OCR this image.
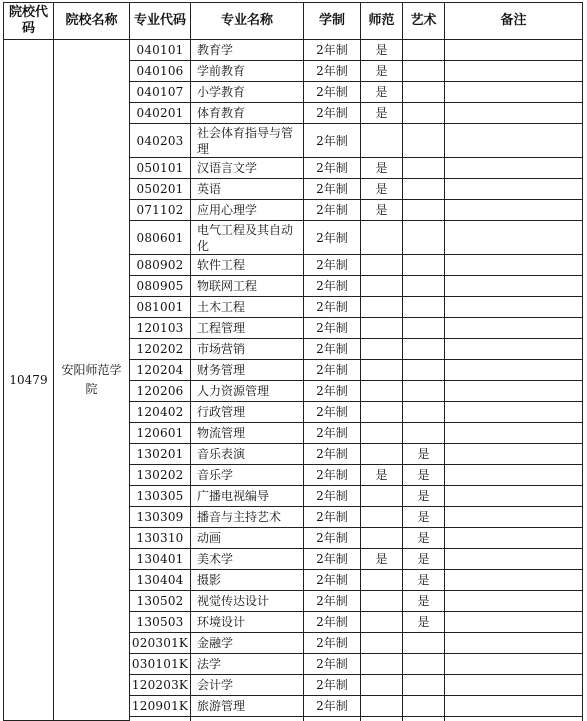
院校代码	院校名称	专业代码	专业名称	学制	师范	艺术	备注
10479	安阳师范学院	040101	教育学	2年制	是		
		040106	学前教育	2年制	是		
		040107	小学教育	2年制	是		
		040201	体育教育	2年制	是		
		040203	社会体育指导与管理	2年制			
		050101	汉语言文学	2年制	是		
		050201	英语	2年制	是		
		071102	应用心理学	2年制	是		
		080601	电气工程及其自动化	2年制			
		080902	软件工程	2年制			
		080905	物联网工程	2年制			
		081001	土木工程	2年制			
		120103	工程管理	2年制			
		120202	市场营销	2年制			
		120204	财务管理	2年制			
		120206	人力资源管理	2年制			
		120402	行政管理	2年制			
		120601	物流管理	2年制			
		130201	音乐表演	2年制		是	
		130202	音乐学	2年制	是	是	
		130305	广播电视编导	2年制		是	
		130309	播音与主持艺术	2年制		是	
		130310	动画	2年制		是	
		130401	美术学	2年制	是	是	
		130404	摄影	2年制		是	
		130502	视觉传达设计	2年制		是	
		130503	环境设计	2年制		是	
		020301K	金融学	2年制			
		030101K	法学	2年制			
		120203K	会计学	2年制			
		120901K	旅游管理	2年制			
